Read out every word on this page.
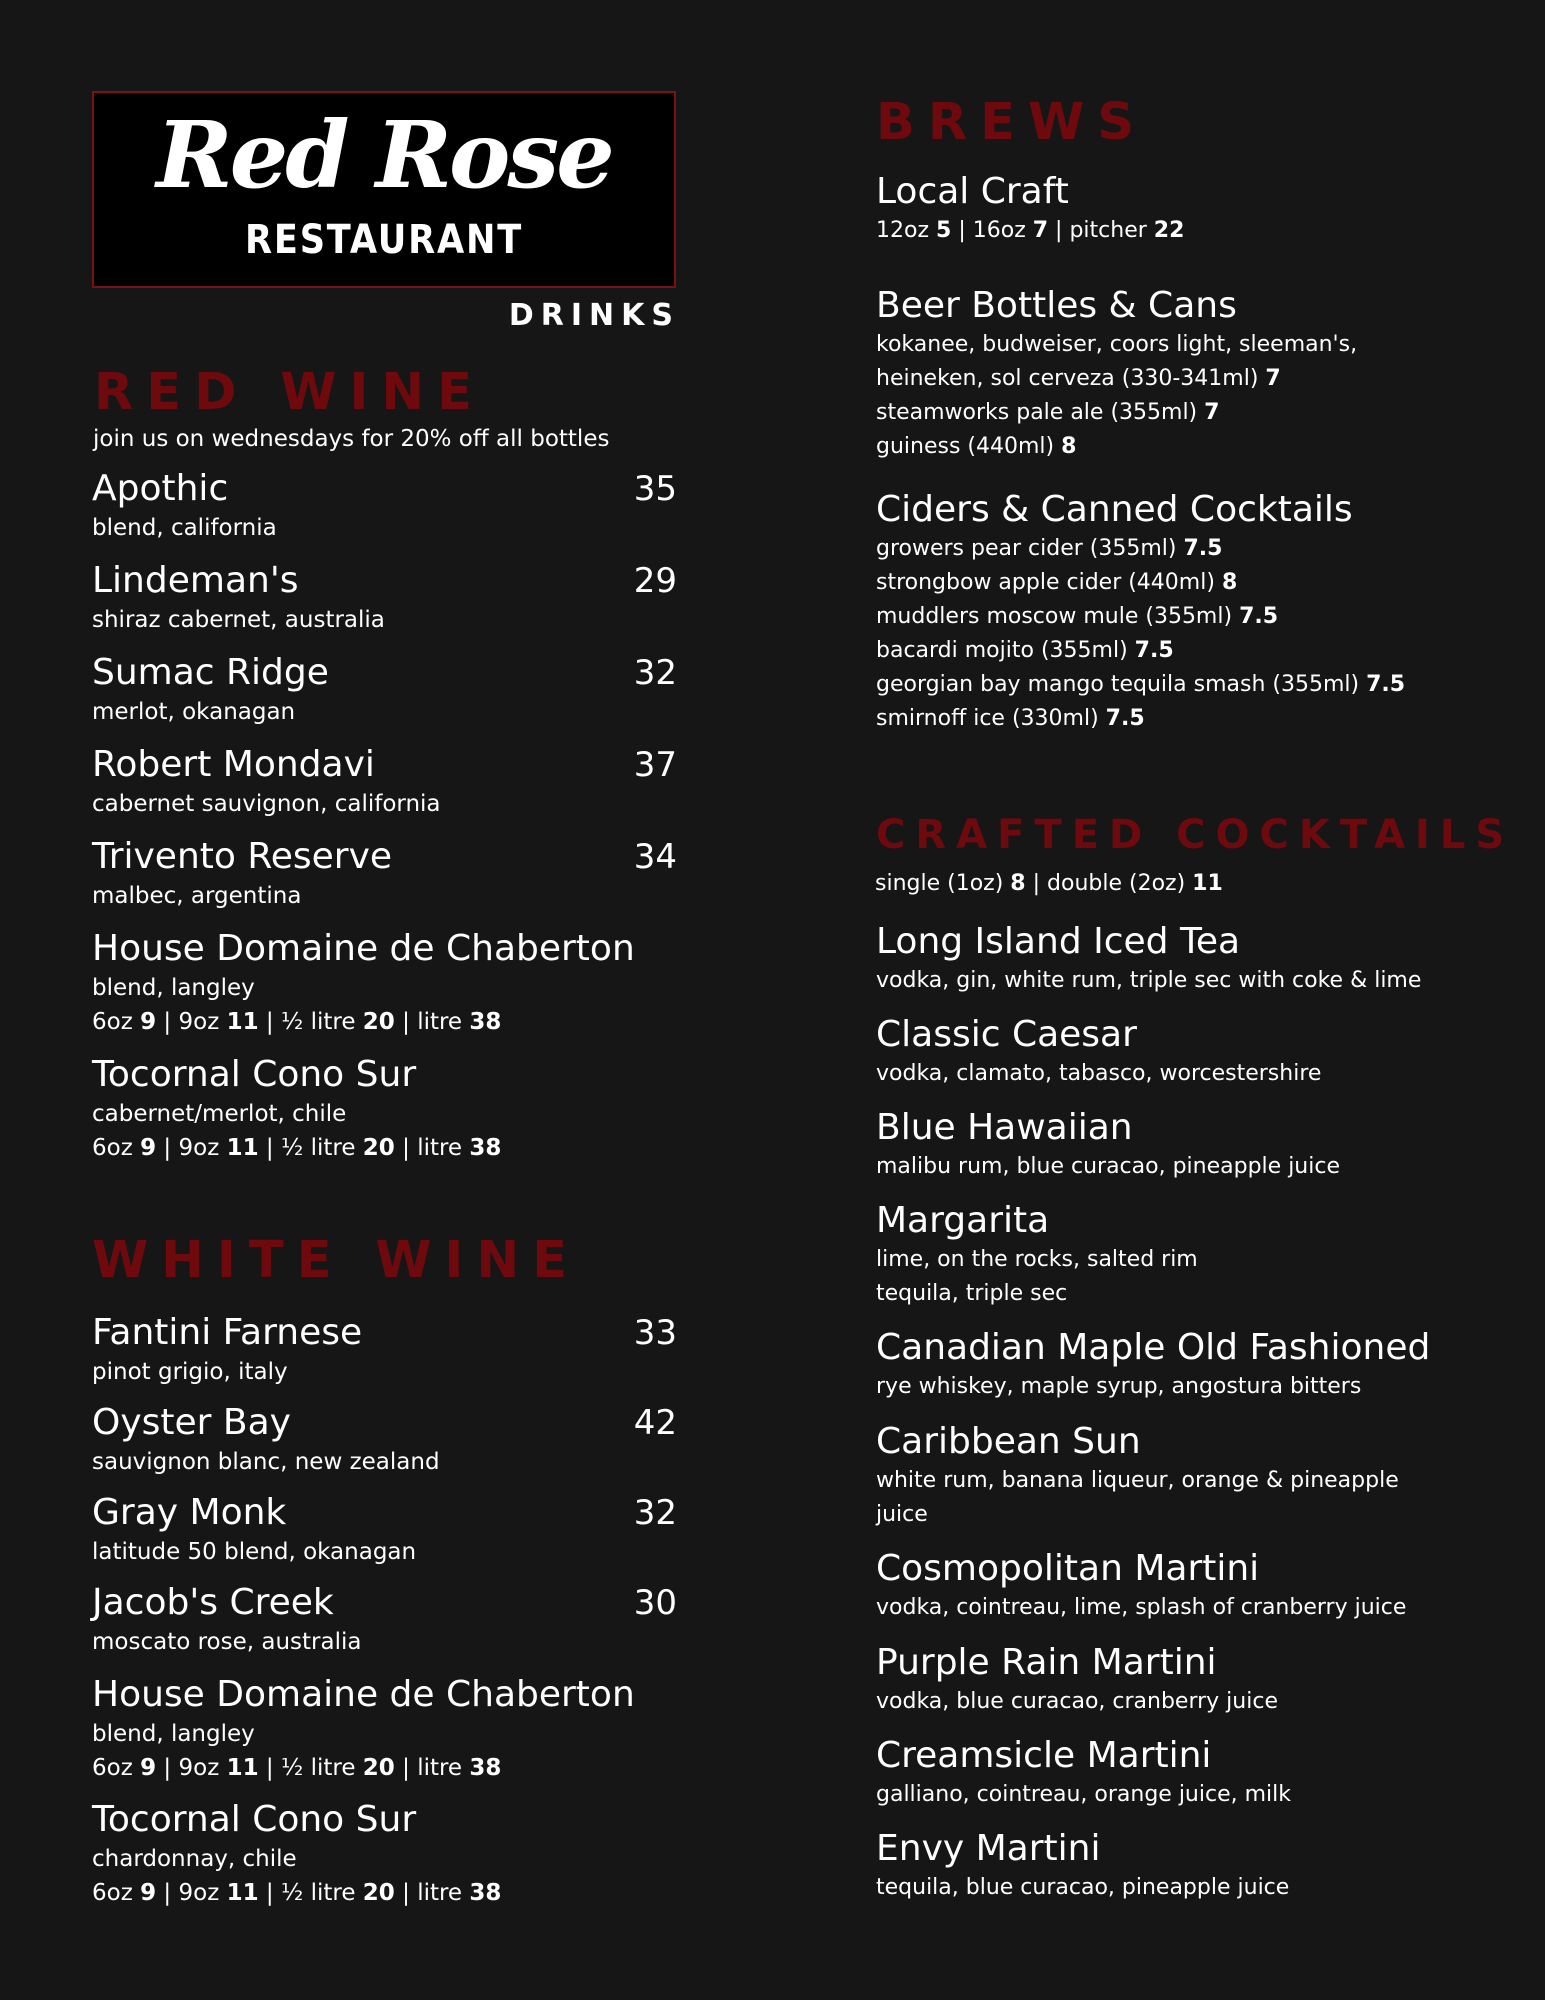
Red Rose
RESTAURANT
DRINKS
RED WINE
join us on wednesdays for 20% off all bottles
Apothic	35
blend, california
Lindeman's	29
shiraz cabernet, australia
Sumac Ridge	32
merlot, okanagan
Robert Mondavi	37
cabernet sauvignon, california
Trivento Reserve	34
malbec, argentina
House Domaine de Chaberton
blend, langley
6oz 9 | 9oz 11 | ½ litre 20 | litre 38
Tocornal Cono Sur
cabernet/merlot, chile
6oz 9 | 9oz 11 | ½ litre 20 | litre 38
WHITE WINE
Fantini Farnese	33
pinot grigio, italy
Oyster Bay	42
sauvignon blanc, new zealand
Gray Monk	32
latitude 50 blend, okanagan
Jacob's Creek	30
moscato rose, australia
House Domaine de Chaberton
blend, langley
6oz 9 | 9oz 11 | ½ litre 20 | litre 38
Tocornal Cono Sur
chardonnay, chile
6oz 9 | 9oz 11 | ½ litre 20 | litre 38
BREWS
Local Craft
12oz 5 | 16oz 7 | pitcher 22
Beer Bottles & Cans
kokanee, budweiser, coors light, sleeman's,
heineken, sol cerveza (330-341ml) 7
steamworks pale ale (355ml) 7
guiness (440ml) 8
Ciders & Canned Cocktails
growers pear cider (355ml) 7.5
strongbow apple cider (440ml) 8
muddlers moscow mule (355ml) 7.5
bacardi mojito (355ml) 7.5
georgian bay mango tequila smash (355ml) 7.5
smirnoff ice (330ml) 7.5
CRAFTED COCKTAILS
single (1oz) 8 | double (2oz) 11
Long Island Iced Tea
vodka, gin, white rum, triple sec with coke & lime
Classic Caesar
vodka, clamato, tabasco, worcestershire
Blue Hawaiian
malibu rum, blue curacao, pineapple juice
Margarita
lime, on the rocks, salted rim
tequila, triple sec
Canadian Maple Old Fashioned
rye whiskey, maple syrup, angostura bitters
Caribbean Sun
white rum, banana liqueur, orange & pineapple juice
Cosmopolitan Martini
vodka, cointreau, lime, splash of cranberry juice
Purple Rain Martini
vodka, blue curacao, cranberry juice
Creamsicle Martini
galliano, cointreau, orange juice, milk
Envy Martini
tequila, blue curacao, pineapple juice
